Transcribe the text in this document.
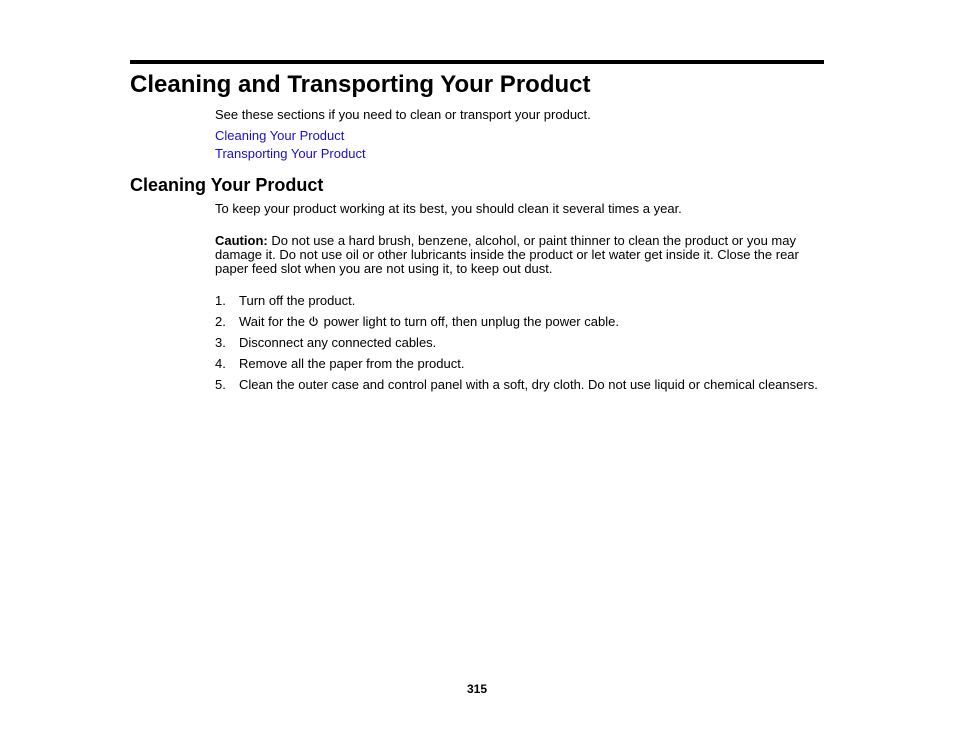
Cleaning and Transporting Your Product

See these sections if you need to clean or transport your product.

Cleaning Your Product
Transporting Your Product
Cleaning Your Product

To keep your product working at its best, you should clean it several times a year.

Caution: Do not use a hard brush, benzene, alcohol, or paint thinner to clean the product or you may damage it. Do not use oil or other lubricants inside the product or let water get inside it. Close the rear paper feed slot when you are not using it, to keep out dust.

1. Turn off the product.
2. Wait for the power light to turn off, then unplug the power cable.
3. Disconnect any connected cables.
4. Remove all the paper from the product.
5. Clean the outer case and control panel with a soft, dry cloth. Do not use liquid or chemical cleansers.
315
